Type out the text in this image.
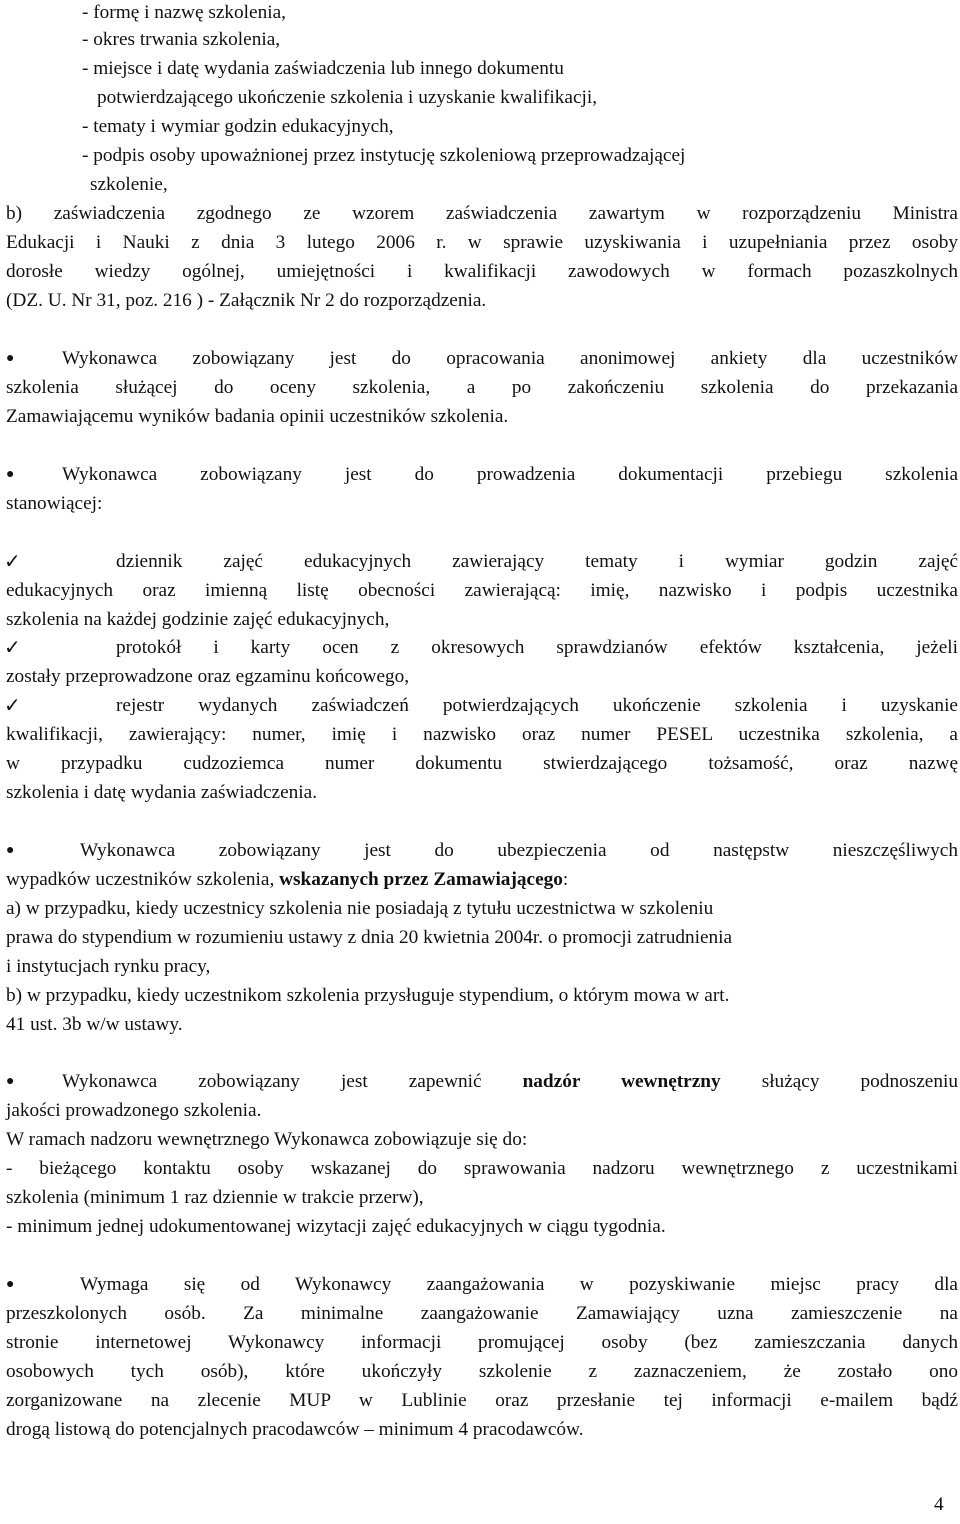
- formę i nazwę szkolenia,
- okres trwania szkolenia,
- miejsce i datę wydania zaświadczenia lub innego dokumentu
potwierdzającego ukończenie szkolenia i uzyskanie kwalifikacji,
- tematy i wymiar godzin edukacyjnych,
- podpis osoby upoważnionej przez instytucję szkoleniową przeprowadzającej
szkolenie,
b) zaświadczenia zgodnego ze wzorem zaświadczenia zawartym w rozporządzeniu Ministra
Edukacji i Nauki z dnia 3 lutego 2006 r. w sprawie uzyskiwania i uzupełniania przez osoby
dorosłe wiedzy ogólnej, umiejętności i kwalifikacji zawodowych w formach pozaszkolnych
(DZ. U. Nr 31, poz. 216 ) - Załącznik Nr 2 do rozporządzenia.
● Wykonawca zobowiązany jest do opracowania anonimowej ankiety dla uczestników
szkolenia służącej do oceny szkolenia, a po zakończeniu szkolenia do przekazania
Zamawiającemu wyników badania opinii uczestników szkolenia.
● Wykonawca zobowiązany jest do prowadzenia dokumentacji przebiegu szkolenia
stanowiącej:
✓	dziennik zajęć edukacyjnych zawierający tematy i wymiar godzin zajęć
edukacyjnych oraz imienną listę obecności zawierającą: imię, nazwisko i podpis uczestnika
szkolenia na każdej godzinie zajęć edukacyjnych,
✓	protokół i karty ocen z okresowych sprawdzianów efektów kształcenia, jeżeli
zostały przeprowadzone oraz egzaminu końcowego,
✓	rejestr wydanych zaświadczeń potwierdzających ukończenie szkolenia i uzyskanie
kwalifikacji, zawierający: numer, imię i nazwisko oraz numer PESEL uczestnika szkolenia, a
w przypadku cudzoziemca numer dokumentu stwierdzającego tożsamość, oraz nazwę
szkolenia i datę wydania zaświadczenia.
●	Wykonawca zobowiązany jest do ubezpieczenia od następstw nieszczęśliwych
wypadków uczestników szkolenia, wskazanych przez Zamawiającego:
a) w przypadku, kiedy uczestnicy szkolenia nie posiadają z tytułu uczestnictwa w szkoleniu
prawa do stypendium w rozumieniu ustawy z dnia 20 kwietnia 2004r. o promocji zatrudnienia
i instytucjach rynku pracy,
b) w przypadku, kiedy uczestnikom szkolenia przysługuje stypendium, o którym mowa w art.
41 ust. 3b w/w ustawy.
● Wykonawca zobowiązany jest zapewnić nadzór wewnętrzny służący podnoszeniu
jakości prowadzonego szkolenia.
W ramach nadzoru wewnętrznego Wykonawca zobowiązuje się do:
- bieżącego kontaktu osoby wskazanej do sprawowania nadzoru wewnętrznego z uczestnikami
szkolenia (minimum 1 raz dziennie w trakcie przerw),
- minimum jednej udokumentowanej wizytacji zajęć edukacyjnych w ciągu tygodnia.
●	Wymaga się od Wykonawcy zaangażowania w pozyskiwanie miejsc pracy dla
przeszkolonych osób. Za minimalne zaangażowanie Zamawiający uzna zamieszczenie na
stronie internetowej Wykonawcy informacji promującej osoby (bez zamieszczania danych
osobowych tych osób), które ukończyły szkolenie z zaznaczeniem, że zostało ono
zorganizowane na zlecenie MUP w Lublinie oraz przesłanie tej informacji e-mailem bądź
drogą listową do potencjalnych pracodawców – minimum 4 pracodawców.
4
